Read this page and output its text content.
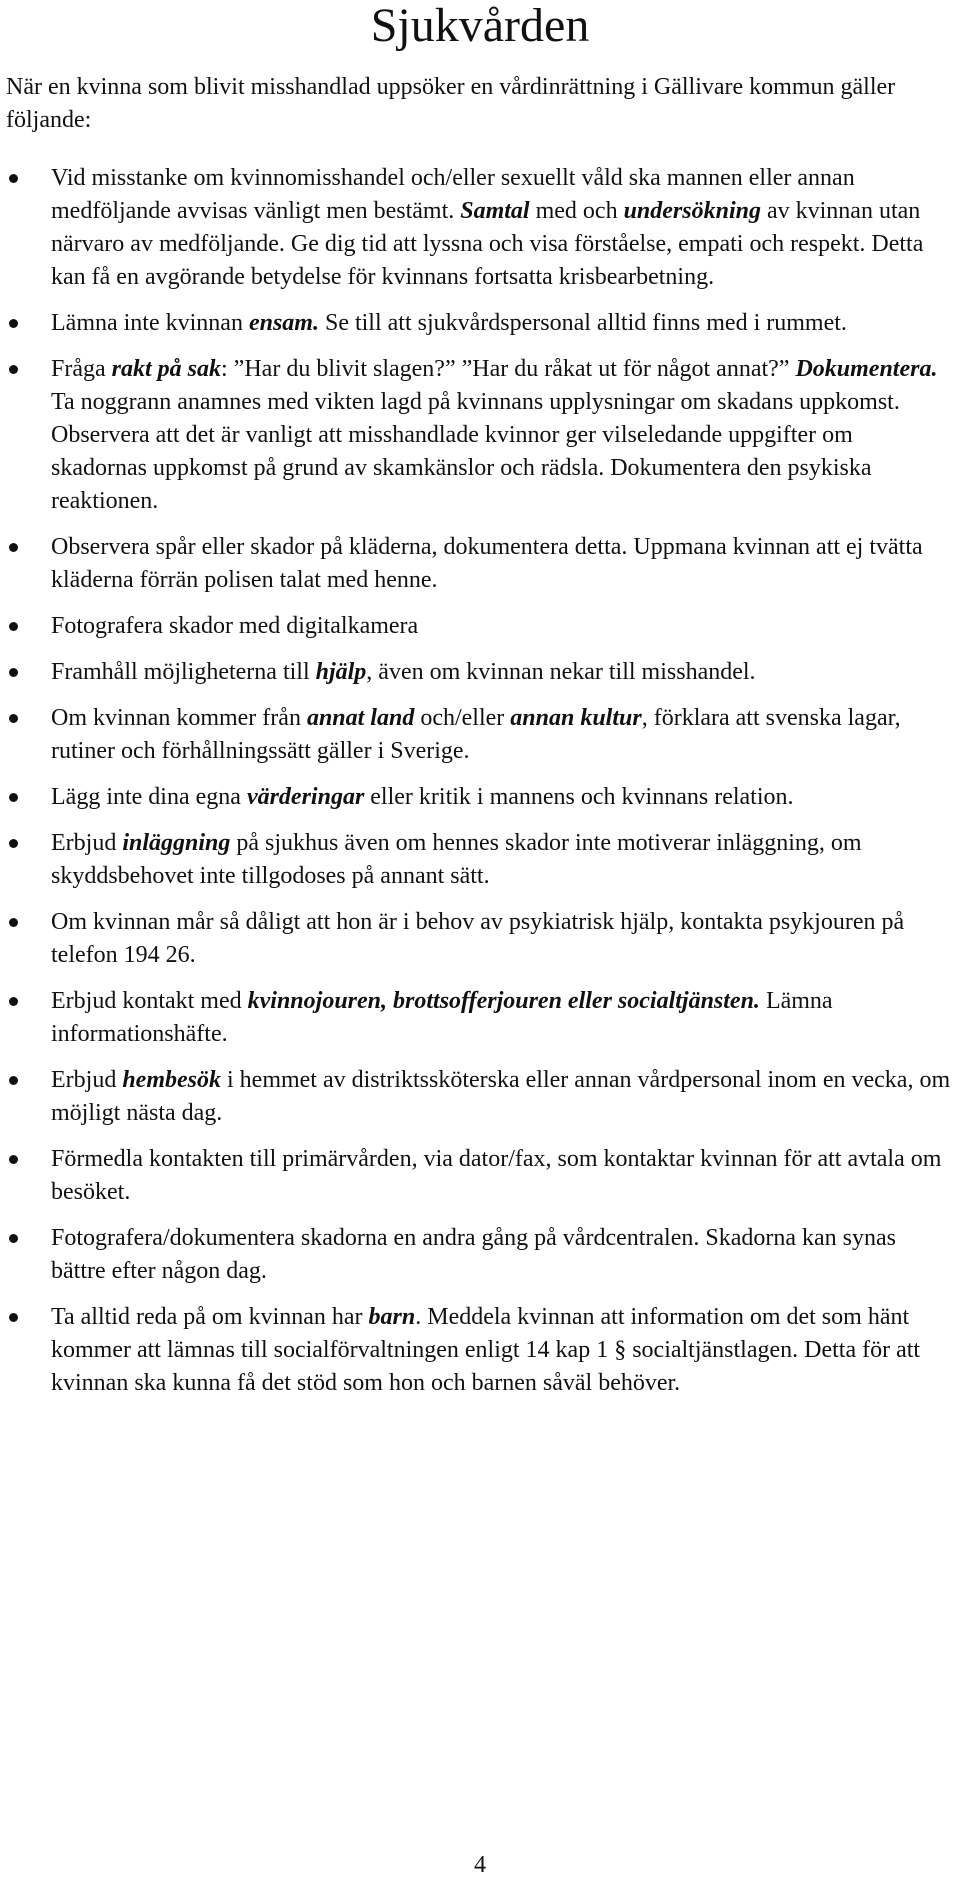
Sjukvården

När en kvinna som blivit misshandlad uppsöker en vårdinrättning i Gällivare kommun gäller följande:

Vid misstanke om kvinnomisshandel och/eller sexuellt våld ska mannen eller annan medföljande avvisas vänligt men bestämt. Samtal med och undersökning av kvinnan utan närvaro av medföljande. Ge dig tid att lyssna och visa förståelse, empati och respekt. Detta kan få en avgörande betydelse för kvinnans fortsatta krisbearbetning.
Lämna inte kvinnan ensam. Se till att sjukvårdspersonal alltid finns med i rummet.
Fråga rakt på sak: ”Har du blivit slagen?” ”Har du råkat ut för något annat?” Dokumentera. Ta noggrann anamnes med vikten lagd på kvinnans upplysningar om skadans uppkomst. Observera att det är vanligt att misshandlade kvinnor ger vilseledande uppgifter om skadornas uppkomst på grund av skamkänslor och rädsla. Dokumentera den psykiska reaktionen.
Observera spår eller skador på kläderna, dokumentera detta. Uppmana kvinnan att ej tvätta kläderna förrän polisen talat med henne.
Fotografera skador med digitalkamera
Framhåll möjligheterna till hjälp, även om kvinnan nekar till misshandel.
Om kvinnan kommer från annat land och/eller annan kultur, förklara att svenska lagar, rutiner och förhållningssätt gäller i Sverige.
Lägg inte dina egna värderingar eller kritik i mannens och kvinnans relation.
Erbjud inläggning på sjukhus även om hennes skador inte motiverar inläggning, om skyddsbehovet inte tillgodoses på annant sätt.
Om kvinnan mår så dåligt att hon är i behov av psykiatrisk hjälp, kontakta psykjouren på telefon 194 26.
Erbjud kontakt med kvinnojouren, brottsofferjouren eller socialtjänsten. Lämna informationshäfte.
Erbjud hembesök i hemmet av distriktssköterska eller annan vårdpersonal inom en vecka, om möjligt nästa dag.
Förmedla kontakten till primärvården, via dator/fax, som kontaktar kvinnan för att avtala om besöket.
Fotografera/dokumentera skadorna en andra gång på vårdcentralen. Skadorna kan synas bättre efter någon dag.
Ta alltid reda på om kvinnan har barn. Meddela kvinnan att information om det som hänt kommer att lämnas till socialförvaltningen enligt 14 kap 1 § socialtjänstlagen. Detta för att kvinnan ska kunna få det stöd som hon och barnen såväl behöver.
4
